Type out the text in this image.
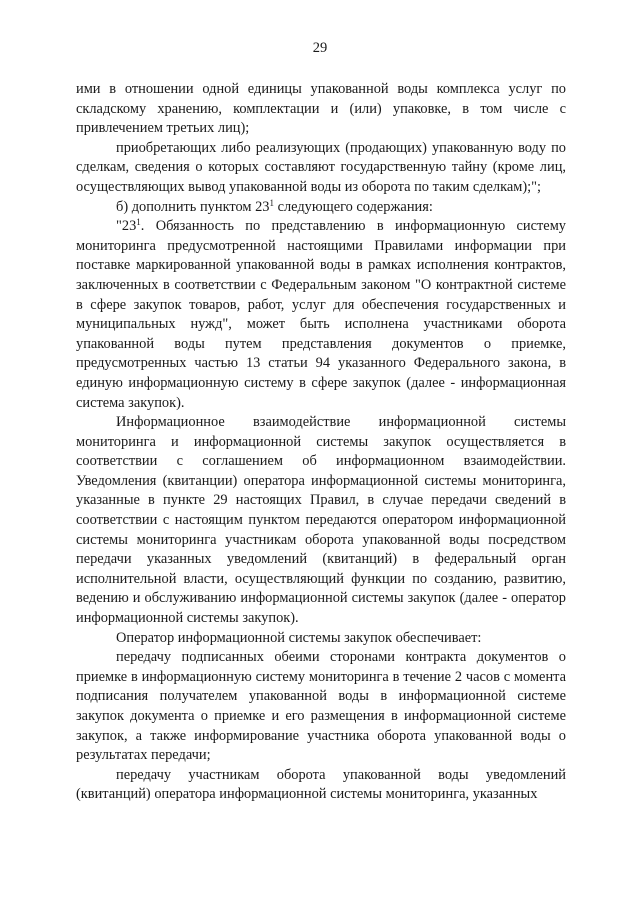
29

ими в отношении одной единицы упакованной воды комплекса услуг по складскому хранению, комплектации и (или) упаковке, в том числе с привлечением третьих лиц);

приобретающих либо реализующих (продающих) упакованную воду по сделкам, сведения о которых составляют государственную тайну (кроме лиц, осуществляющих вывод упакованной воды из оборота по таким сделкам);";

б) дополнить пунктом $23^1$ следующего содержания:

"$23^1$. Обязанность по представлению в информационную систему мониторинга предусмотренной настоящими Правилами информации при поставке маркированной упакованной воды в рамках исполнения контрактов, заключенных в соответствии с Федеральным законом "О контрактной системе в сфере закупок товаров, работ, услуг для обеспечения государственных и муниципальных нужд", может быть исполнена участниками оборота упакованной воды путем представления документов о приемке, предусмотренных частью 13 статьи 94 указанного Федерального закона, в единую информационную систему в сфере закупок (далее - информационная система закупок).

Информационное взаимодействие информационной системы мониторинга и информационной системы закупок осуществляется в соответствии с соглашением об информационном взаимодействии. Уведомления (квитанции) оператора информационной системы мониторинга, указанные в пункте 29 настоящих Правил, в случае передачи сведений в соответствии с настоящим пунктом передаются оператором информационной системы мониторинга участникам оборота упакованной воды посредством передачи указанных уведомлений (квитанций) в федеральный орган исполнительной власти, осуществляющий функции по созданию, развитию, ведению и обслуживанию информационной системы закупок (далее - оператор информационной системы закупок).

Оператор информационной системы закупок обеспечивает:

передачу подписанных обеими сторонами контракта документов о приемке в информационную систему мониторинга в течение 2 часов с момента подписания получателем упакованной воды в информационной системе закупок документа о приемке и его размещения в информационной системе закупок, а также информирование участника оборота упакованной воды о результатах передачи;

передачу участникам оборота упакованной воды уведомлений (квитанций) оператора информационной системы мониторинга, указанных
